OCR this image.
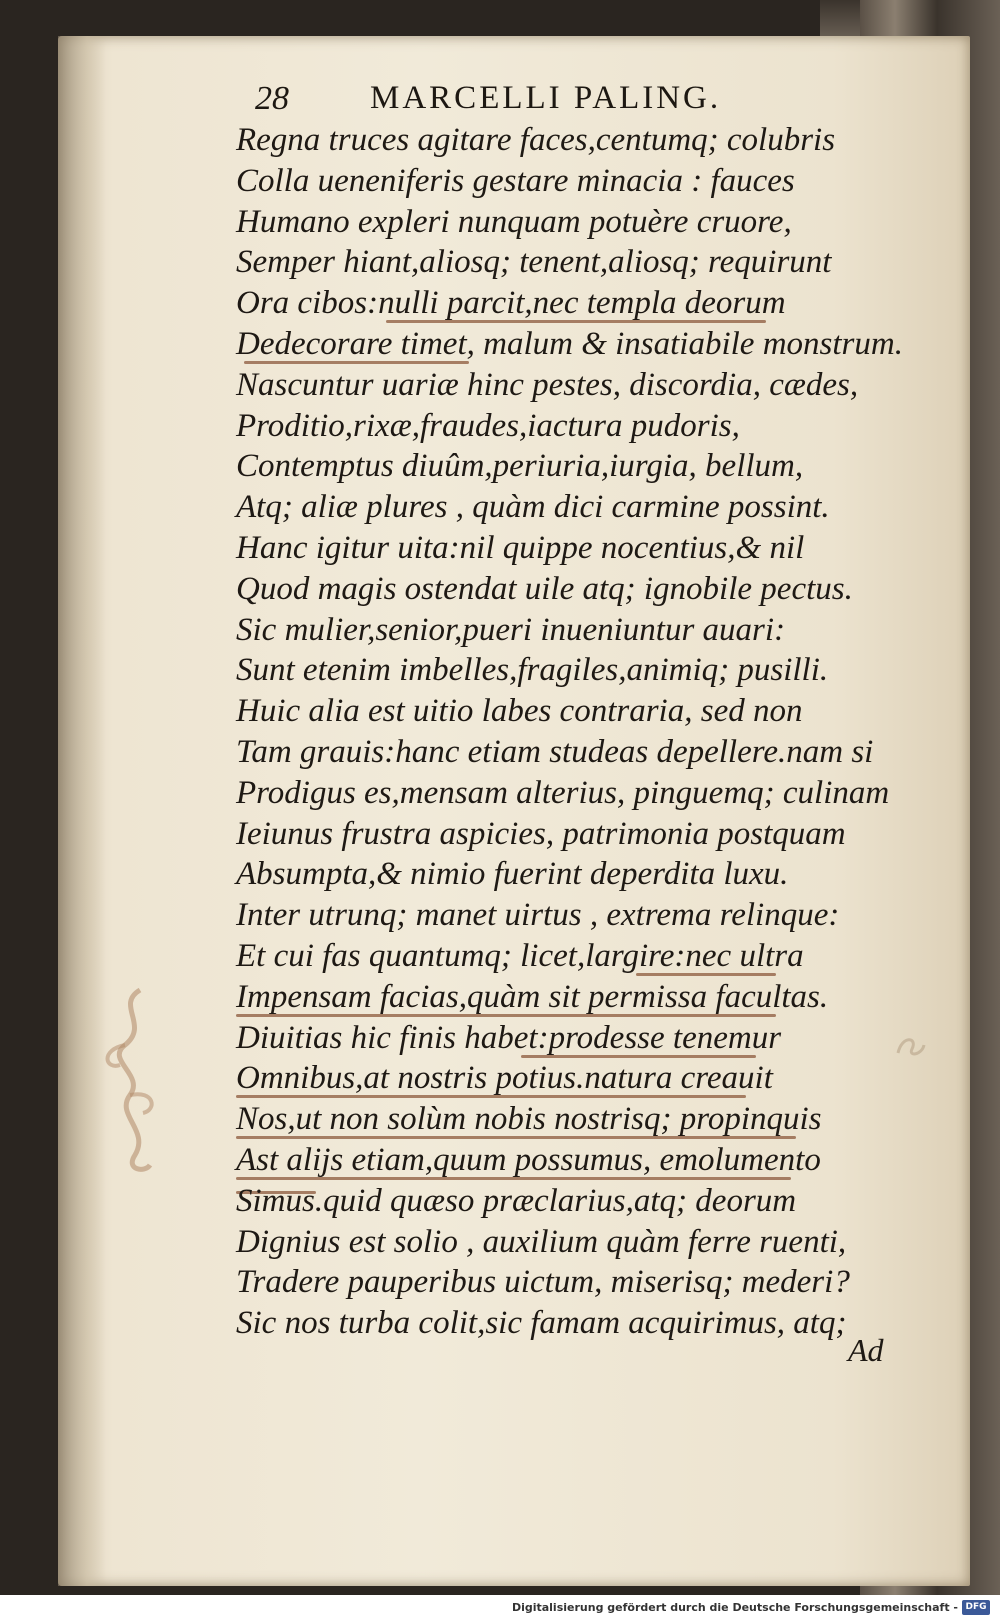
28 MARCELLI PALING.
Regna truces agitare faces,centumq; colubris
Colla ueneniferis gestare minacia : fauces
Humano expleri nunquam potuère cruore,
Semper hiant,aliosq; tenent,aliosq; requirunt
Ora cibos:nulli parcit,nec templa deorum
Dedecorare timet, malum & insatiabile monstrum.
Nascuntur uariæ hinc pestes, discordia, cædes,
Proditio,rixæ,fraudes,iactura pudoris,
Contemptus diuûm,periuria,iurgia, bellum,
Atq; aliæ plures , quàm dici carmine possint.
Hanc igitur uita:nil quippe nocentius,& nil
Quod magis ostendat uile atq; ignobile pectus.
Sic mulier,senior,pueri inueniuntur auari:
Sunt etenim imbelles,fragiles,animiq; pusilli.
Huic alia est uitio labes contraria, sed non
Tam grauis:hanc etiam studeas depellere.nam si
Prodigus es,mensam alterius, pinguemq; culinam
Ieiunus frustra aspicies, patrimonia postquam
Absumpta,& nimio fuerint deperdita luxu.
Inter utrunq; manet uirtus , extrema relinque:
Et cui fas quantumq; licet,largire:nec ultra
Impensam facias,quàm sit permissa facultas.
Diuitias hic finis habet:prodesse tenemur
Omnibus,at nostris potius.natura creauit
Nos,ut non solùm nobis nostrisq; propinquis
Ast alijs etiam,quum possumus, emolumento
Simus.quid quæso præclarius,atq; deorum
Dignius est solio , auxilium quàm ferre ruenti,
Tradere pauperibus uictum, miserisq; mederi?
Sic nos turba colit,sic famam acquirimus, atq;
Ad
Digitalisierung gefördert durch die Deutsche Forschungsgemeinschaft - DFG
